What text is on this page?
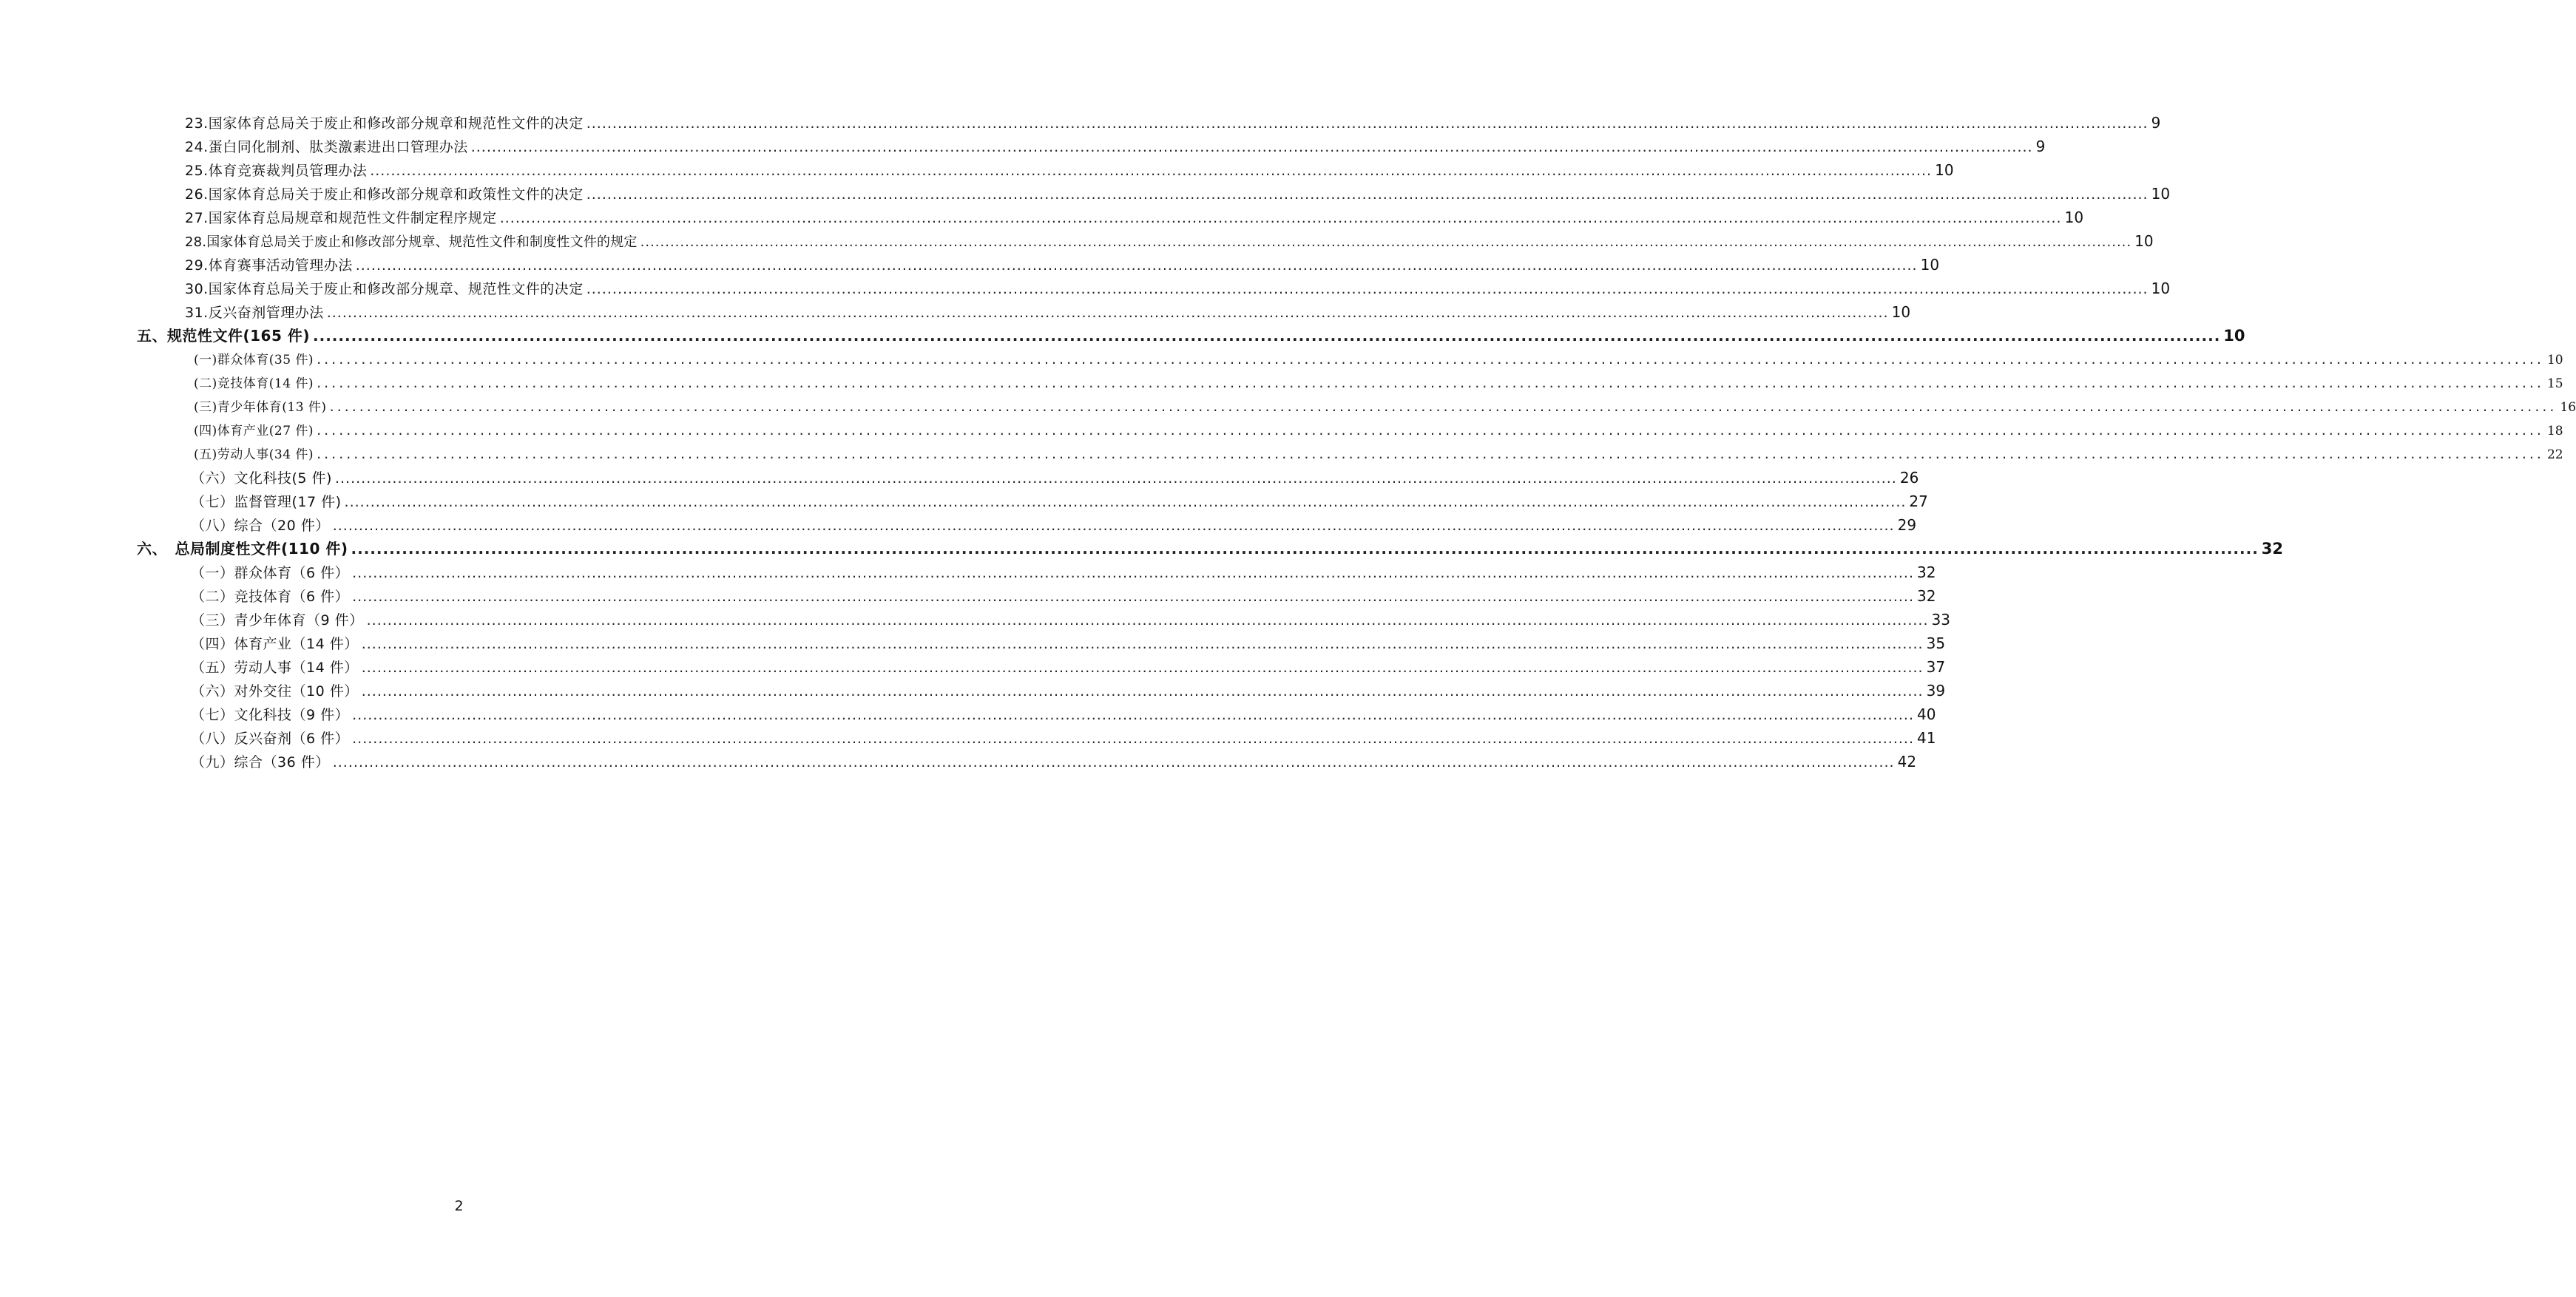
23.国家体育总局关于废止和修改部分规章和规范性文件的决定 ............................................................................................................................................................................................................................................................................................................ 9
24.蛋白同化制剂、肽类激素进出口管理办法 ............................................................................................................................................................................................................................................................................................................ 9
25.体育竞赛裁判员管理办法 ............................................................................................................................................................................................................................................................................................................ 10
26.国家体育总局关于废止和修改部分规章和政策性文件的决定 ............................................................................................................................................................................................................................................................................................................ 10
27.国家体育总局规章和规范性文件制定程序规定 ............................................................................................................................................................................................................................................................................................................ 10
28.国家体育总局关于废止和修改部分规章、规范性文件和制度性文件的规定 ............................................................................................................................................................................................................................................................................................................ 10
29.体育赛事活动管理办法 ............................................................................................................................................................................................................................................................................................................ 10
30.国家体育总局关于废止和修改部分规章、规范性文件的决定 ............................................................................................................................................................................................................................................................................................................ 10
31.反兴奋剂管理办法 ............................................................................................................................................................................................................................................................................................................ 10
五、规范性文件(165 件) ............................................................................................................................................................................................................................................................................................................ 10
(一)群众体育(35 件) ............................................................................................................................................................................................................................................................................................................ 10
(二)竞技体育(14 件) ............................................................................................................................................................................................................................................................................................................ 15
(三)青少年体育(13 件) ............................................................................................................................................................................................................................................................................................................ 16
(四)体育产业(27 件) ............................................................................................................................................................................................................................................................................................................ 18
(五)劳动人事(34 件) ............................................................................................................................................................................................................................................................................................................ 22
（六）文化科技(5 件) ............................................................................................................................................................................................................................................................................................................ 26
（七）监督管理(17 件) ............................................................................................................................................................................................................................................................................................................ 27
（八）综合（20 件） ............................................................................................................................................................................................................................................................................................................ 29
六、　总局制度性文件(110 件) ............................................................................................................................................................................................................................................................................................................ 32
（一）群众体育（6 件） ............................................................................................................................................................................................................................................................................................................ 32
（二）竞技体育（6 件） ............................................................................................................................................................................................................................................................................................................ 32
（三）青少年体育（9 件） ............................................................................................................................................................................................................................................................................................................ 33
（四）体育产业（14 件） ............................................................................................................................................................................................................................................................................................................ 35
（五）劳动人事（14 件） ............................................................................................................................................................................................................................................................................................................ 37
（六）对外交往（10 件） ............................................................................................................................................................................................................................................................................................................ 39
（七）文化科技（9 件） ............................................................................................................................................................................................................................................................................................................ 40
（八）反兴奋剂（6 件） ............................................................................................................................................................................................................................................................................................................ 41
（九）综合（36 件） ............................................................................................................................................................................................................................................................................................................ 42
2
